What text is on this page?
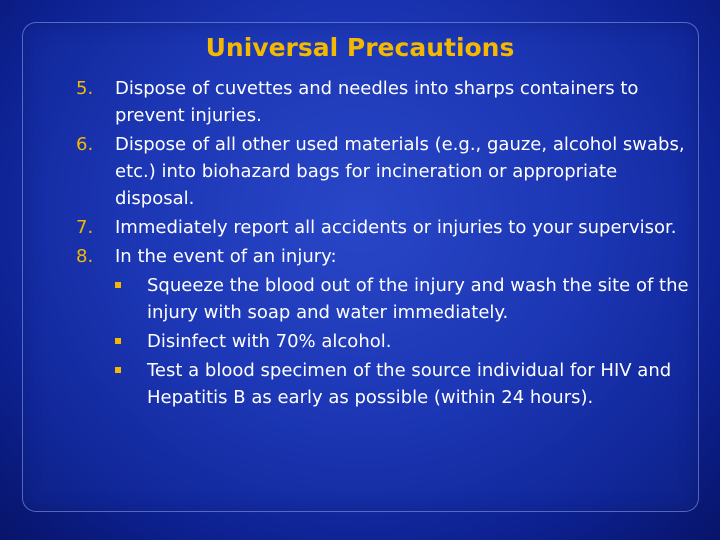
Universal Precautions
5. Dispose of cuvettes and needles into sharps containers to prevent injuries.
6. Dispose of all other used materials (e.g., gauze, alcohol swabs, etc.) into biohazard bags for incineration or appropriate disposal.
7. Immediately report all accidents or injuries to your supervisor.
8. In the event of an injury:
Squeeze the blood out of the injury and wash the site of the injury with soap and water immediately.
Disinfect with 70% alcohol.
Test a blood specimen of the source individual for HIV and Hepatitis B as early as possible (within 24 hours).
